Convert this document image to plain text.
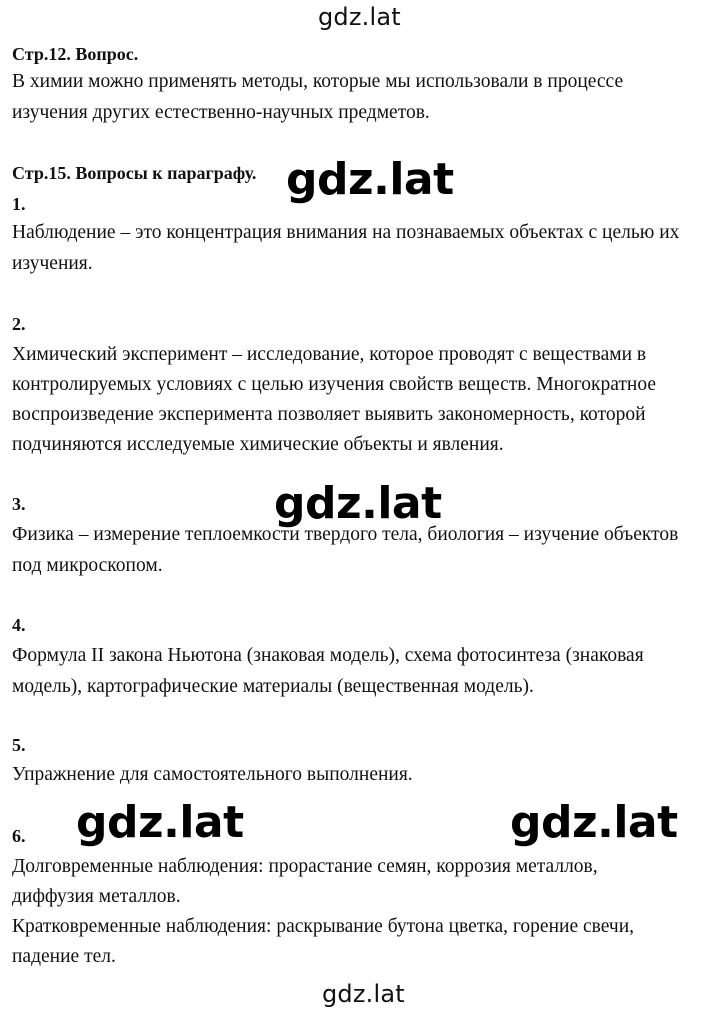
gdz.lat
Стр.12. Вопрос.
В химии можно применять методы, которые мы использовали в процессе
изучения других естественно-научных предметов.
Стр.15. Вопросы к параграфу. gdz.lat
1.
Наблюдение – это концентрация внимания на познаваемых объектах с целью их
изучения.
2.
Химический эксперимент – исследование, которое проводят с веществами в
контролируемых условиях с целью изучения свойств веществ. Многократное
воспроизведение эксперимента позволяет выявить закономерность, которой
подчиняются исследуемые химические объекты и явления.
3.	gdz.lat
Физика – измерение теплоемкости твердого тела, биология – изучение объектов
под микроскопом.
4.
Формула II закона Ньютона (знаковая модель), схема фотосинтеза (знаковая
модель), картографические материалы (вещественная модель).
5.
Упражнение для самостоятельного выполнения.
6. gdz.lat	gdz.lat
Долговременные наблюдения: прорастание семян, коррозия металлов,
диффузия металлов.
Кратковременные наблюдения: раскрывание бутона цветка, горение свечи,
падение тел.
gdz.lat
